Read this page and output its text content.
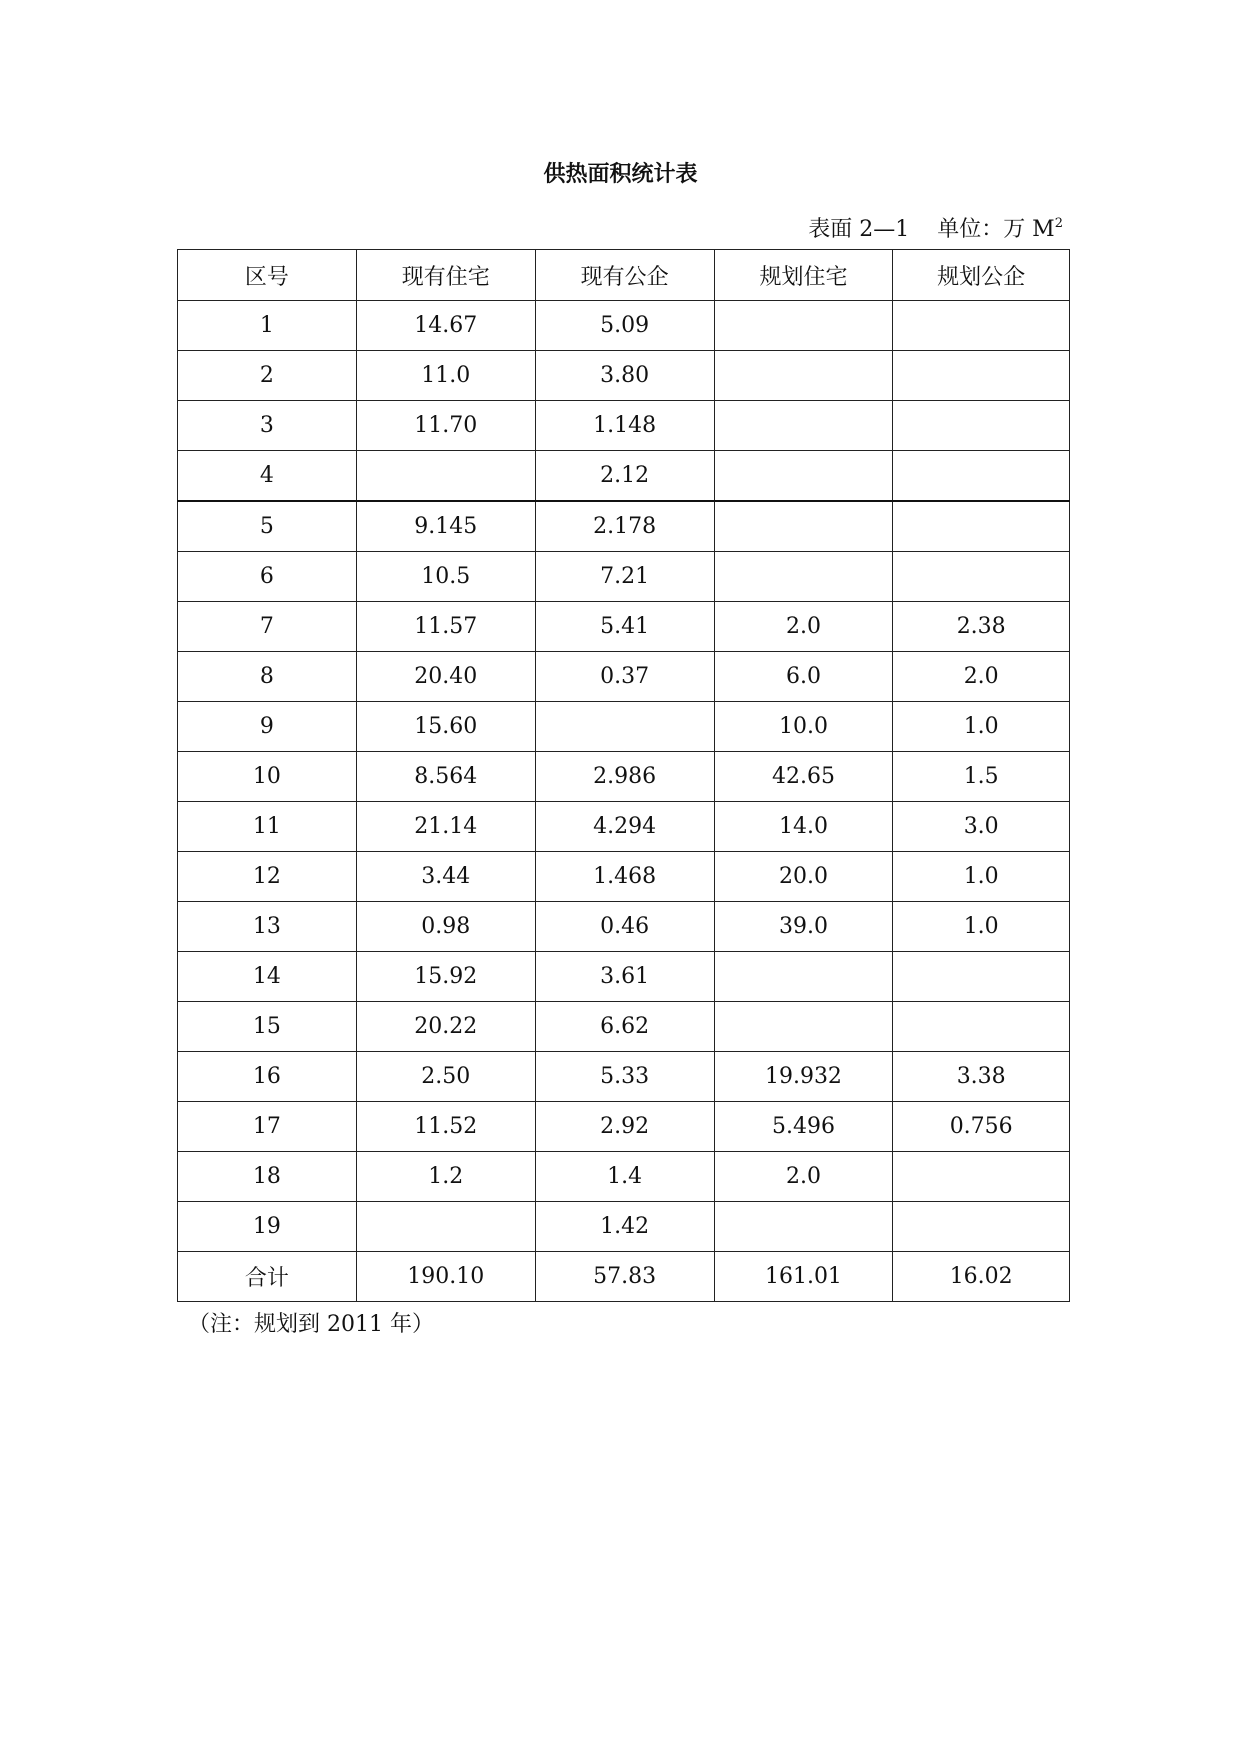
供热面积统计表
表面 2—1 单位：万 $M^2$
区号	现有住宅	现有公企	规划住宅	规划公企
1	14.67	5.09		
2	11.0	3.80		
3	11.70	1.148		
4		2.12		
5	9.145	2.178		
6	10.5	7.21		
7	11.57	5.41	2.0	2.38
8	20.40	0.37	6.0	2.0
9	15.60		10.0	1.0
10	8.564	2.986	42.65	1.5
11	21.14	4.294	14.0	3.0
12	3.44	1.468	20.0	1.0
13	0.98	0.46	39.0	1.0
14	15.92	3.61		
15	20.22	6.62		
16	2.50	5.33	19.932	3.38
17	11.52	2.92	5.496	0.756
18	1.2	1.4	2.0	
19		1.42		
合计	190.10	57.83	161.01	16.02
（注：规划到 2011 年）
